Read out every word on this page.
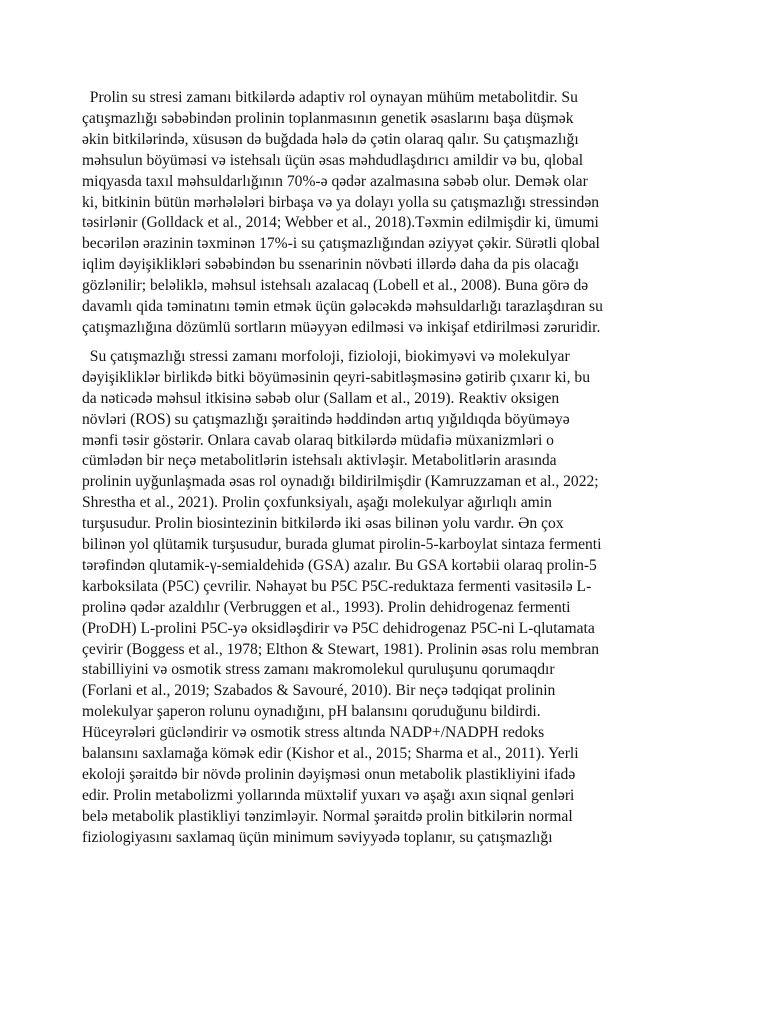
Prolin su stresi zamanı bitkilərdə adaptiv rol oynayan mühüm metabolitdir. Su
çatışmazlığı səbəbindən prolinin toplanmasının genetik əsaslarını başa düşmək
əkin bitkilərində, xüsusən də buğdada hələ də çətin olaraq qalır. Su çatışmazlığı
məhsulun böyüməsi və istehsalı üçün əsas məhdudlaşdırıcı amildir və bu, qlobal
miqyasda taxıl məhsuldarlığının 70%-ə qədər azalmasına səbəb olur. Demək olar
ki, bitkinin bütün mərhələləri birbaşa və ya dolayı yolla su çatışmazlığı stressindən
təsirlənir (Golldack et al., 2014; Webber et al., 2018).Təxmin edilmişdir ki, ümumi
becərilən ərazinin təxminən 17%-i su çatışmazlığından əziyyət çəkir. Sürətli qlobal
iqlim dəyişiklikləri səbəbindən bu ssenarinin növbəti illərdə daha da pis olacağı
gözlənilir; beləliklə, məhsul istehsalı azalacaq (Lobell et al., 2008). Buna görə də
davamlı qida təminatını təmin etmək üçün gələcəkdə məhsuldarlığı tarazlaşdıran su
çatışmazlığına dözümlü sortların müəyyən edilməsi və inkişaf etdirilməsi zəruridir.
Su çatışmazlığı stressi zamanı morfoloji, fizioloji, biokimyəvi və molekulyar
dəyişikliklər birlikdə bitki böyüməsinin qeyri-sabitləşməsinə gətirib çıxarır ki, bu
da nəticədə məhsul itkisinə səbəb olur (Sallam et al., 2019). Reaktiv oksigen
növləri (ROS) su çatışmazlığı şəraitində həddindən artıq yığıldıqda böyüməyə
mənfi təsir göstərir. Onlara cavab olaraq bitkilərdə müdafiə müxanizmləri o
cümlədən bir neçə metabolitlərin istehsalı aktivləşir. Metabolitlərin arasında
prolinin uyğunlaşmada əsas rol oynadığı bildirilmişdir (Kamruzzaman et al., 2022;
Shrestha et al., 2021). Prolin çoxfunksiyalı, aşağı molekulyar ağırlıqlı amin
turşusudur. Prolin biosintezinin bitkilərdə iki əsas bilinən yolu vardır. Ən çox
bilinən yol qlütamik turşusudur, burada glumat pirolin-5-karboylat sintaza fermenti
tərəfindən qlutamik-γ-semialdehidə (GSA) azalır. Bu GSA kortəbii olaraq prolin-5
karboksilata (P5C) çevrilir. Nəhayət bu P5C P5C-reduktaza fermenti vasitəsilə L-
prolinə qədər azaldılır (Verbruggen et al., 1993). Prolin dehidrogenaz fermenti
(ProDH) L-prolini P5C-yə oksidləşdirir və P5C dehidrogenaz P5C-ni L-qlutamata
çevirir (Boggess et al., 1978; Elthon & Stewart, 1981). Prolinin əsas rolu membran
stabilliyini və osmotik stress zamanı makromolekul quruluşunu qorumaqdır
(Forlani et al., 2019; Szabados & Savouré, 2010). Bir neçə tədqiqat prolinin
molekulyar şaperon rolunu oynadığını, pH balansını qoruduğunu bildirdi.
Hüceyrələri gücləndirir və osmotik stress altında NADP+/NADPH redoks
balansını saxlamağa kömək edir (Kishor et al., 2015; Sharma et al., 2011). Yerli
ekoloji şəraitdə bir növdə prolinin dəyişməsi onun metabolik plastikliyini ifadə
edir. Prolin metabolizmi yollarında müxtəlif yuxarı və aşağı axın siqnal genləri
belə metabolik plastikliyi tənzimləyir. Normal şəraitdə prolin bitkilərin normal
fiziologiyasını saxlamaq üçün minimum səviyyədə toplanır, su çatışmazlığı
